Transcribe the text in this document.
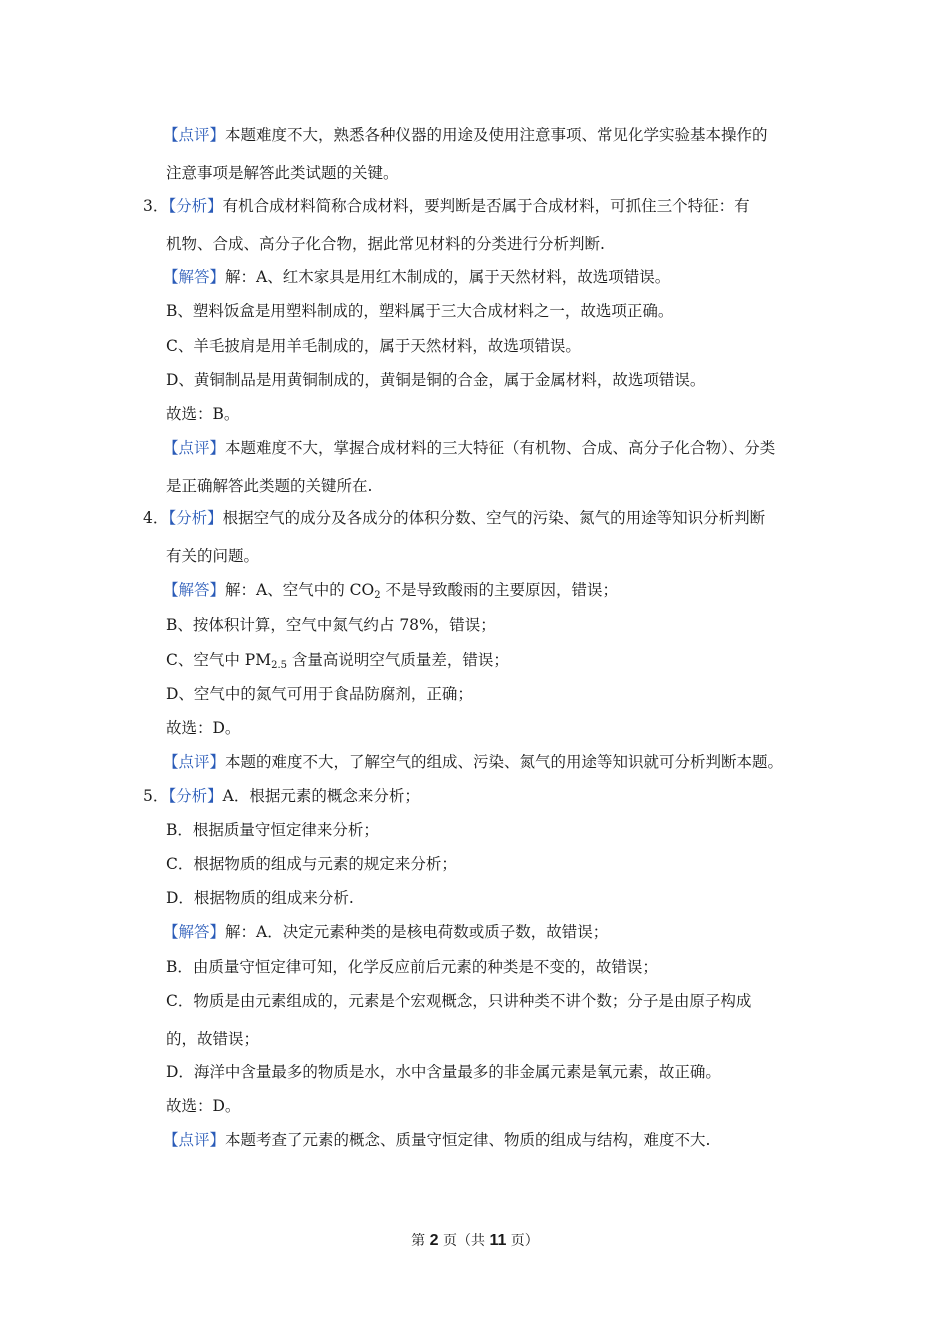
【点评】本题难度不大，熟悉各种仪器的用途及使用注意事项、常见化学实验基本操作的
注意事项是解答此类试题的关键。
3．【分析】有机合成材料简称合成材料，要判断是否属于合成材料，可抓住三个特征：有
机物、合成、高分子化合物，据此常见材料的分类进行分析判断.
【解答】解：A、红木家具是用红木制成的，属于天然材料，故选项错误。
B、塑料饭盒是用塑料制成的，塑料属于三大合成材料之一，故选项正确。
C、羊毛披肩是用羊毛制成的，属于天然材料，故选项错误。
D、黄铜制品是用黄铜制成的，黄铜是铜的合金，属于金属材料，故选项错误。
故选：B。
【点评】本题难度不大，掌握合成材料的三大特征（有机物、合成、高分子化合物）、分类
是正确解答此类题的关键所在.
4．【分析】根据空气的成分及各成分的体积分数、空气的污染、氮气的用途等知识分析判断
有关的问题。
【解答】解：A、空气中的 $CO_2$ 不是导致酸雨的主要原因，错误；
B、按体积计算，空气中氮气约占 78%，错误；
C、空气中 $PM_{2.5}$ 含量高说明空气质量差，错误；
D、空气中的氮气可用于食品防腐剂，正确；
故选：D。
【点评】本题的难度不大，了解空气的组成、污染、氮气的用途等知识就可分析判断本题。
5．【分析】A．根据元素的概念来分析；
B．根据质量守恒定律来分析；
C．根据物质的组成与元素的规定来分析；
D．根据物质的组成来分析.
【解答】解：A．决定元素种类的是核电荷数或质子数，故错误；
B．由质量守恒定律可知，化学反应前后元素的种类是不变的，故错误；
C．物质是由元素组成的，元素是个宏观概念，只讲种类不讲个数；分子是由原子构成
的，故错误；
D．海洋中含量最多的物质是水，水中含量最多的非金属元素是氧元素，故正确。
故选：D。
【点评】本题考查了元素的概念、质量守恒定律、物质的组成与结构，难度不大.
第 2 页（共 11 页）
